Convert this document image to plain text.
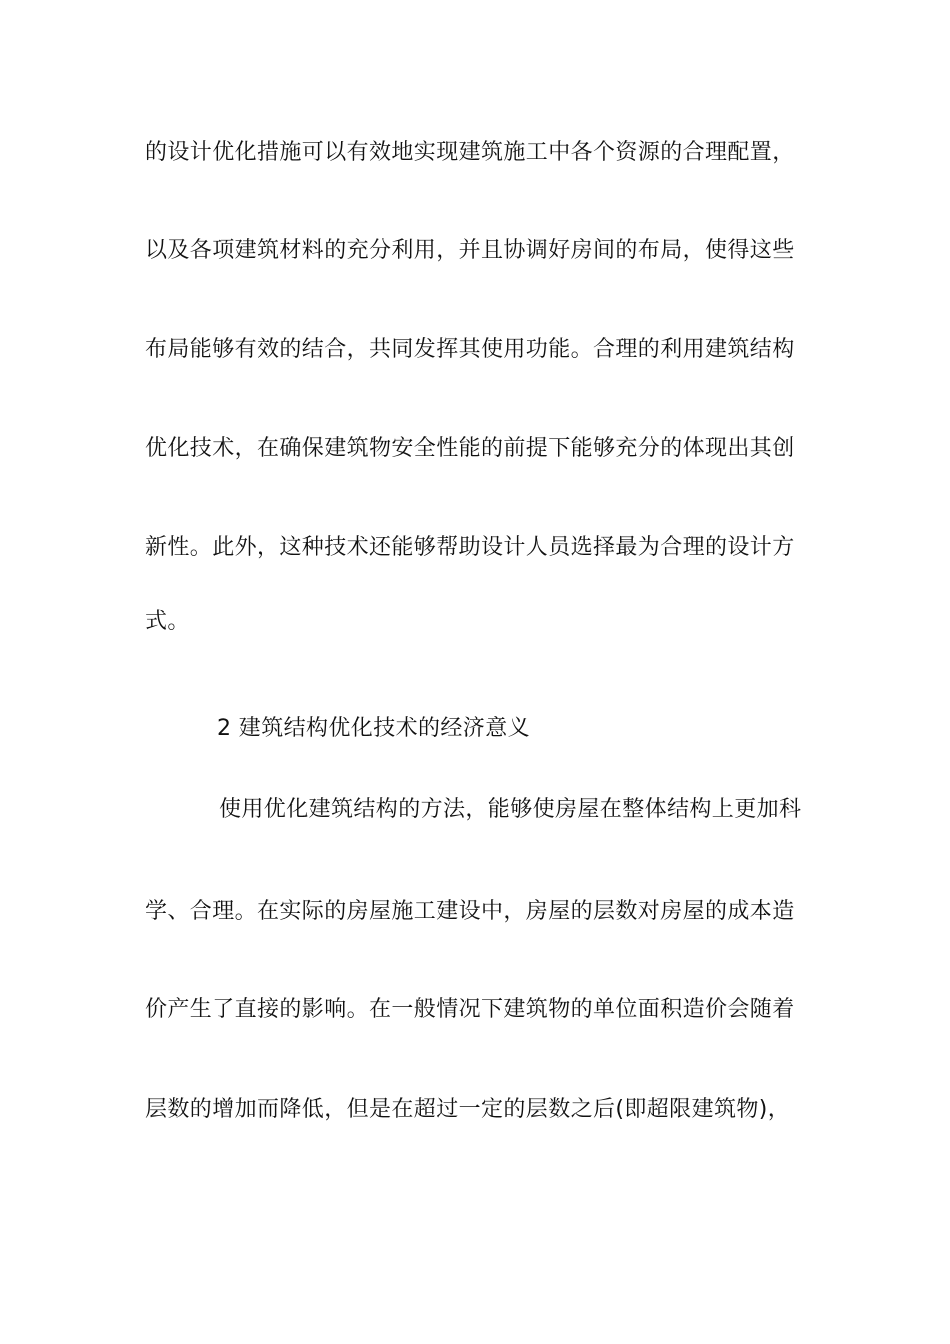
的设计优化措施可以有效地实现建筑施工中各个资源的合理配置，
以及各项建筑材料的充分利用，并且协调好房间的布局，使得这些
布局能够有效的结合，共同发挥其使用功能。合理的利用建筑结构
优化技术，在确保建筑物安全性能的前提下能够充分的体现出其创
新性。此外，这种技术还能够帮助设计人员选择最为合理的设计方
式。
2 建筑结构优化技术的经济意义
使用优化建筑结构的方法，能够使房屋在整体结构上更加科
学、合理。在实际的房屋施工建设中，房屋的层数对房屋的成本造
价产生了直接的影响。在一般情况下建筑物的单位面积造价会随着
层数的增加而降低，但是在超过一定的层数之后(即超限建筑物)，
